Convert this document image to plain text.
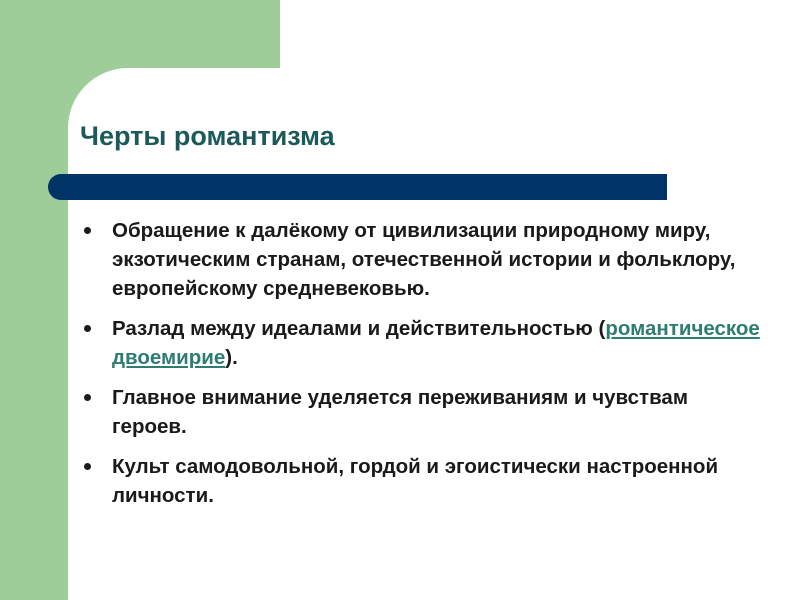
Черты романтизма
Обращение к далёкому от цивилизации природному миру, экзотическим странам, отечественной истории и фольклору, европейскому средневековью.
Разлад между идеалами и действительностью (романтическое двоемирие).
Главное внимание уделяется переживаниям и чувствам героев.
Культ самодовольной, гордой и эгоистически настроенной личности.
